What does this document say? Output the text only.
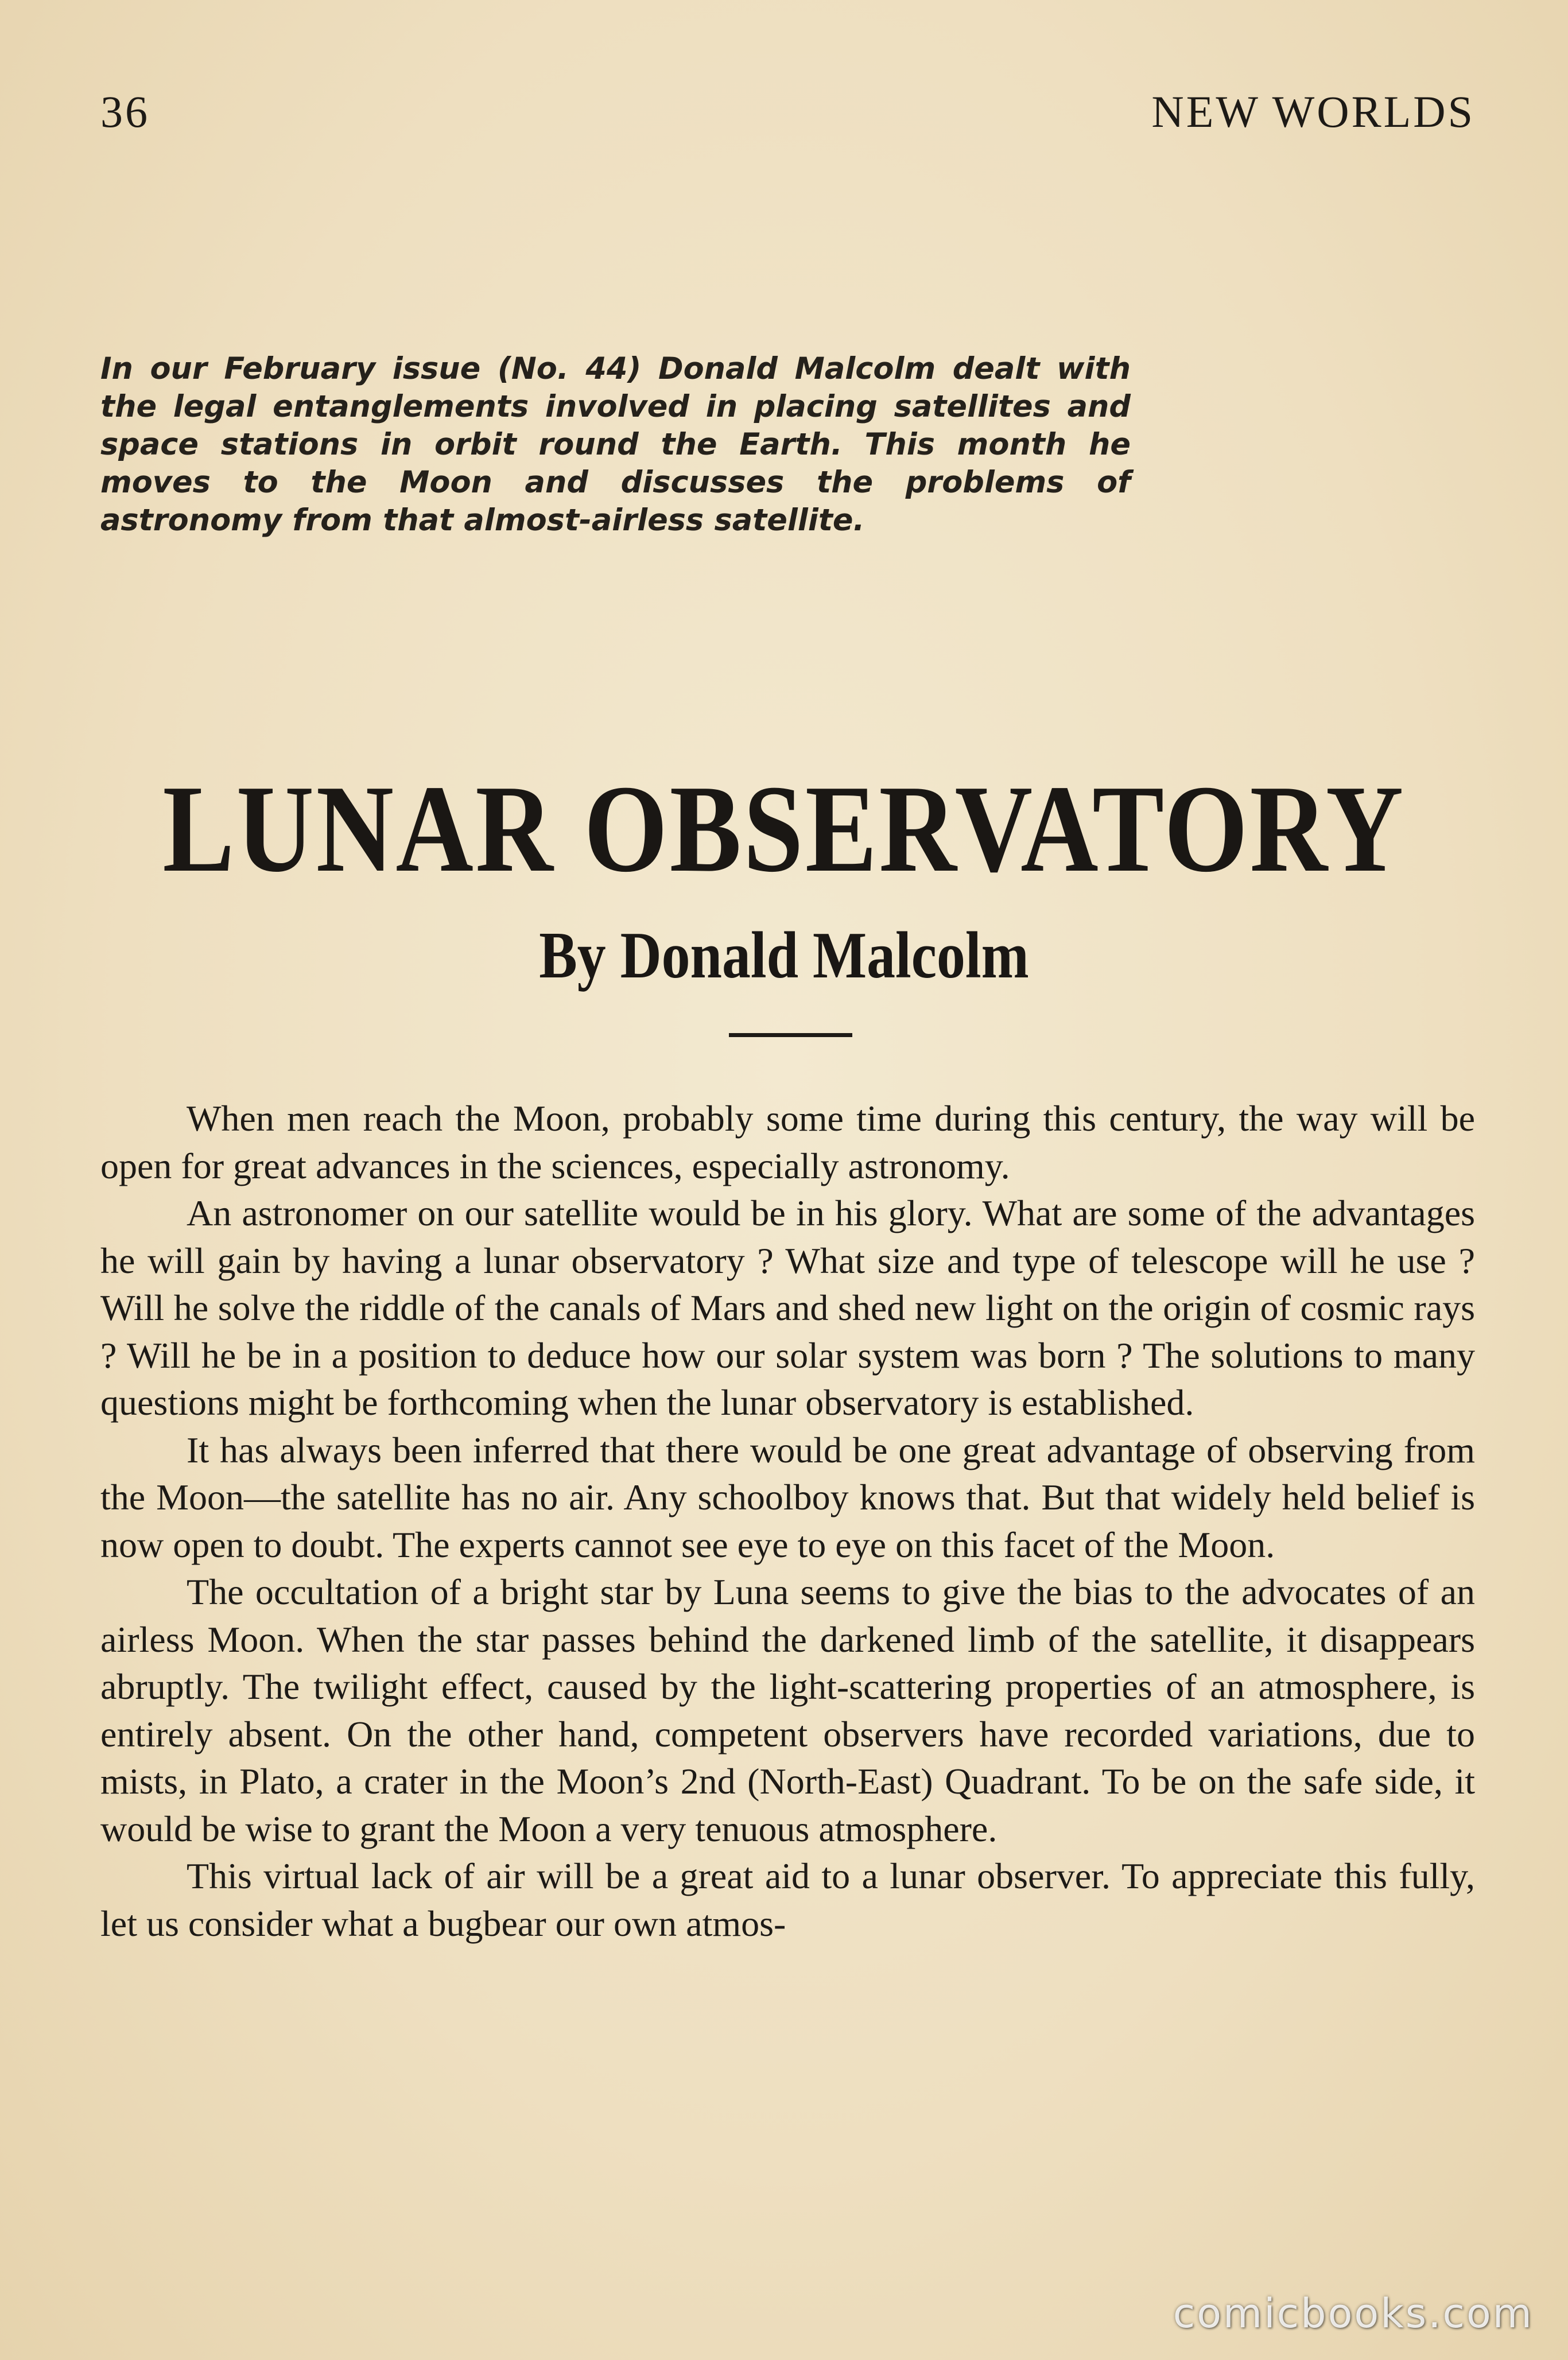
36	NEW WORLDS
In our February issue (No. 44) Donald Malcolm dealt with the legal entanglements involved in placing satellites and space stations in orbit round the Earth. This month he moves to the Moon and discusses the problems of astronomy from that almost-airless satellite.
LUNAR OBSERVATORY
By Donald Malcolm

When men reach the Moon, probably some time during this century, the way will be open for great advances in the sciences, especially astronomy.

An astronomer on our satellite would be in his glory. What are some of the advantages he will gain by having a lunar observatory ? What size and type of telescope will he use ? Will he solve the riddle of the canals of Mars and shed new light on the origin of cosmic rays ? Will he be in a position to deduce how our solar system was born ? The solutions to many questions might be forthcoming when the lunar observatory is established.

It has always been inferred that there would be one great advantage of observing from the Moon—the satellite has no air. Any schoolboy knows that. But that widely held belief is now open to doubt. The experts cannot see eye to eye on this facet of the Moon.

The occultation of a bright star by Luna seems to give the bias to the advocates of an airless Moon. When the star passes behind the darkened limb of the satellite, it disappears abruptly. The twilight effect, caused by the light-scattering properties of an atmosphere, is entirely absent. On the other hand, competent observers have recorded variations, due to mists, in Plato, a crater in the Moon’s 2nd (North-East) Quadrant. To be on the safe side, it would be wise to grant the Moon a very tenuous atmosphere.

This virtual lack of air will be a great aid to a lunar observer. To appreciate this fully, let us consider what a bugbear our own atmos-

comicbooks.com
